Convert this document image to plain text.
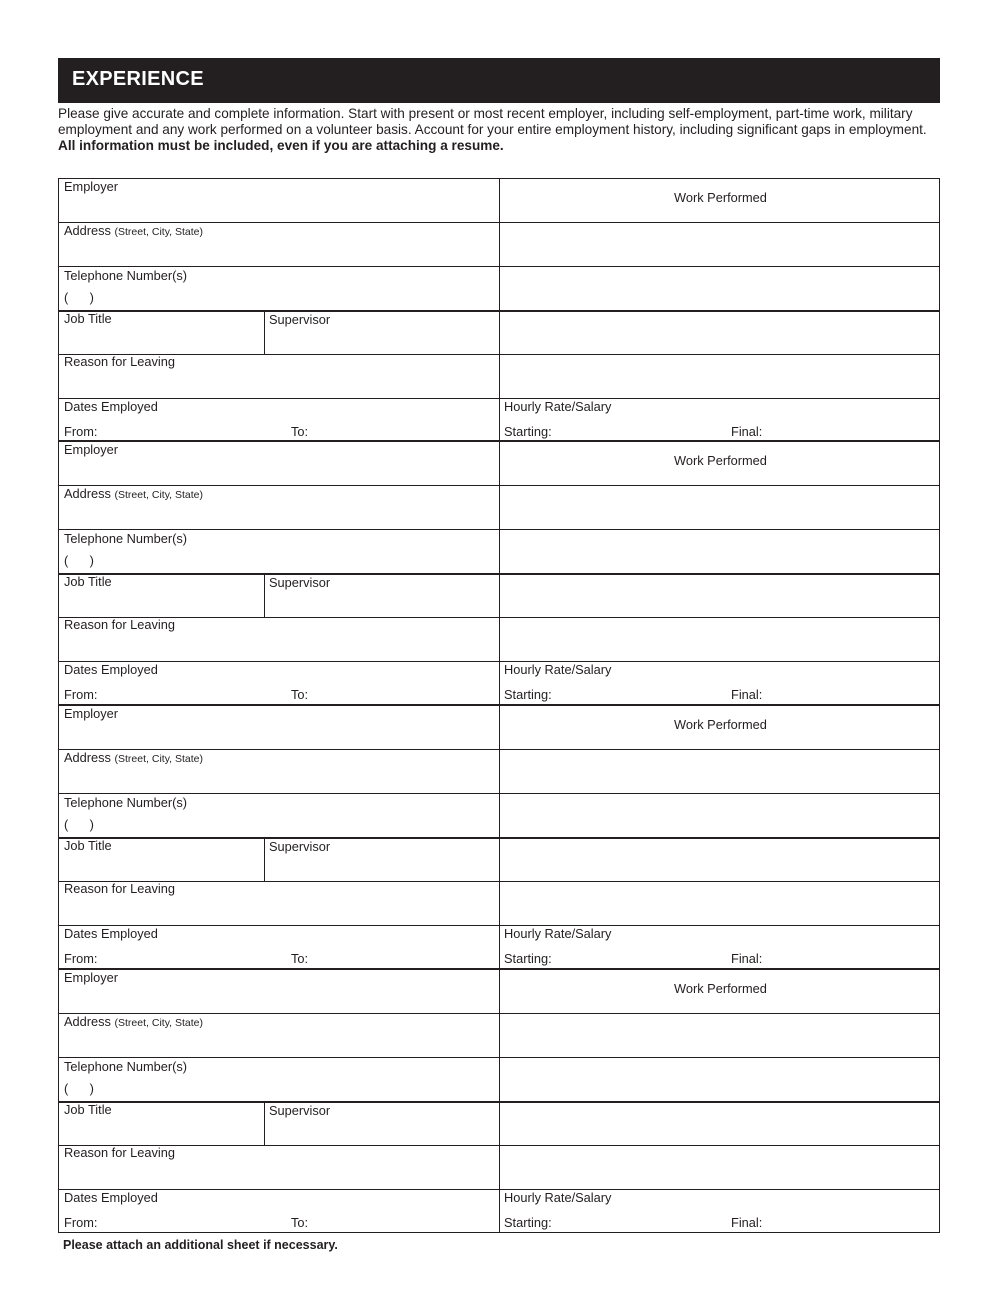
EXPERIENCE

Please give accurate and complete information. Start with present or most recent employer, including self-employment, part-time work, military employment and any work performed on a volunteer basis. Account for your entire employment history, including significant gaps in employment. All information must be included, even if you are attaching a resume.

Employer
Work Performed
Address (Street, City, State)
Telephone Number(s)
(      )
Job Title	Supervisor
Reason for Leaving
Dates Employed
From:	To:
Hourly Rate/Salary
Starting:	Final:
Employer
Work Performed
Address (Street, City, State)
Telephone Number(s)
(      )
Job Title	Supervisor
Reason for Leaving
Dates Employed
From:	To:
Hourly Rate/Salary
Starting:	Final:
Employer
Work Performed
Address (Street, City, State)
Telephone Number(s)
(      )
Job Title	Supervisor
Reason for Leaving
Dates Employed
From:	To:
Hourly Rate/Salary
Starting:	Final:
Employer
Work Performed
Address (Street, City, State)
Telephone Number(s)
(      )
Job Title	Supervisor
Reason for Leaving
Dates Employed
From:	To:
Hourly Rate/Salary
Starting:	Final:
Please attach an additional sheet if necessary.
